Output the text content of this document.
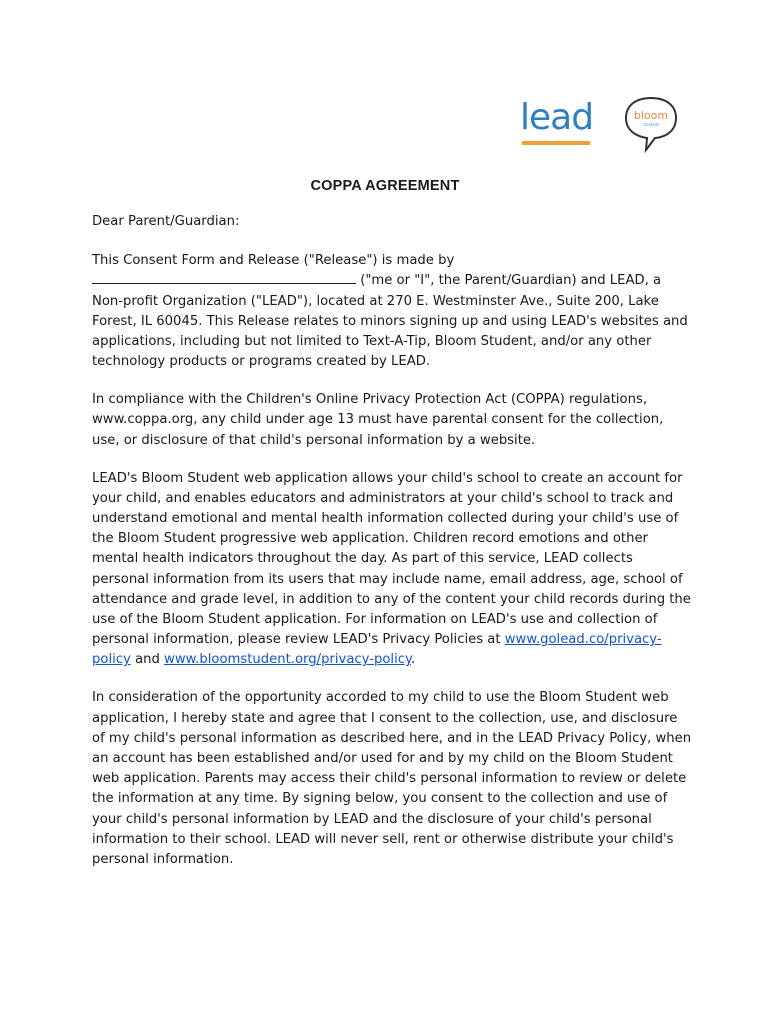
lead	bloom
student
COPPA AGREEMENT

Dear Parent/Guardian:

This Consent Form and Release ("Release") is made by
("me or "I", the Parent/Guardian) and LEAD, a Non-profit Organization ("LEAD"), located at 270 E. Westminster Ave., Suite 200, Lake Forest, IL 60045. This Release relates to minors signing up and using LEAD's websites and applications, including but not limited to Text-A-Tip, Bloom Student, and/or any other technology products or programs created by LEAD.

In compliance with the Children's Online Privacy Protection Act (COPPA) regulations, www.coppa.org, any child under age 13 must have parental consent for the collection, use, or disclosure of that child's personal information by a website.

LEAD's Bloom Student web application allows your child's school to create an account for your child, and enables educators and administrators at your child's school to track and understand emotional and mental health information collected during your child's use of the Bloom Student progressive web application. Children record emotions and other mental health indicators throughout the day. As part of this service, LEAD collects personal information from its users that may include name, email address, age, school of attendance and grade level, in addition to any of the content your child records during the use of the Bloom Student application. For information on LEAD's use and collection of personal information, please review LEAD's Privacy Policies at www.golead.co/privacy-policy and www.bloomstudent.org/privacy-policy.

In consideration of the opportunity accorded to my child to use the Bloom Student web application, I hereby state and agree that I consent to the collection, use, and disclosure of my child's personal information as described here, and in the LEAD Privacy Policy, when an account has been established and/or used for and by my child on the Bloom Student web application. Parents may access their child's personal information to review or delete the information at any time. By signing below, you consent to the collection and use of your child's personal information by LEAD and the disclosure of your child's personal information to their school. LEAD will never sell, rent or otherwise distribute your child's personal information.
